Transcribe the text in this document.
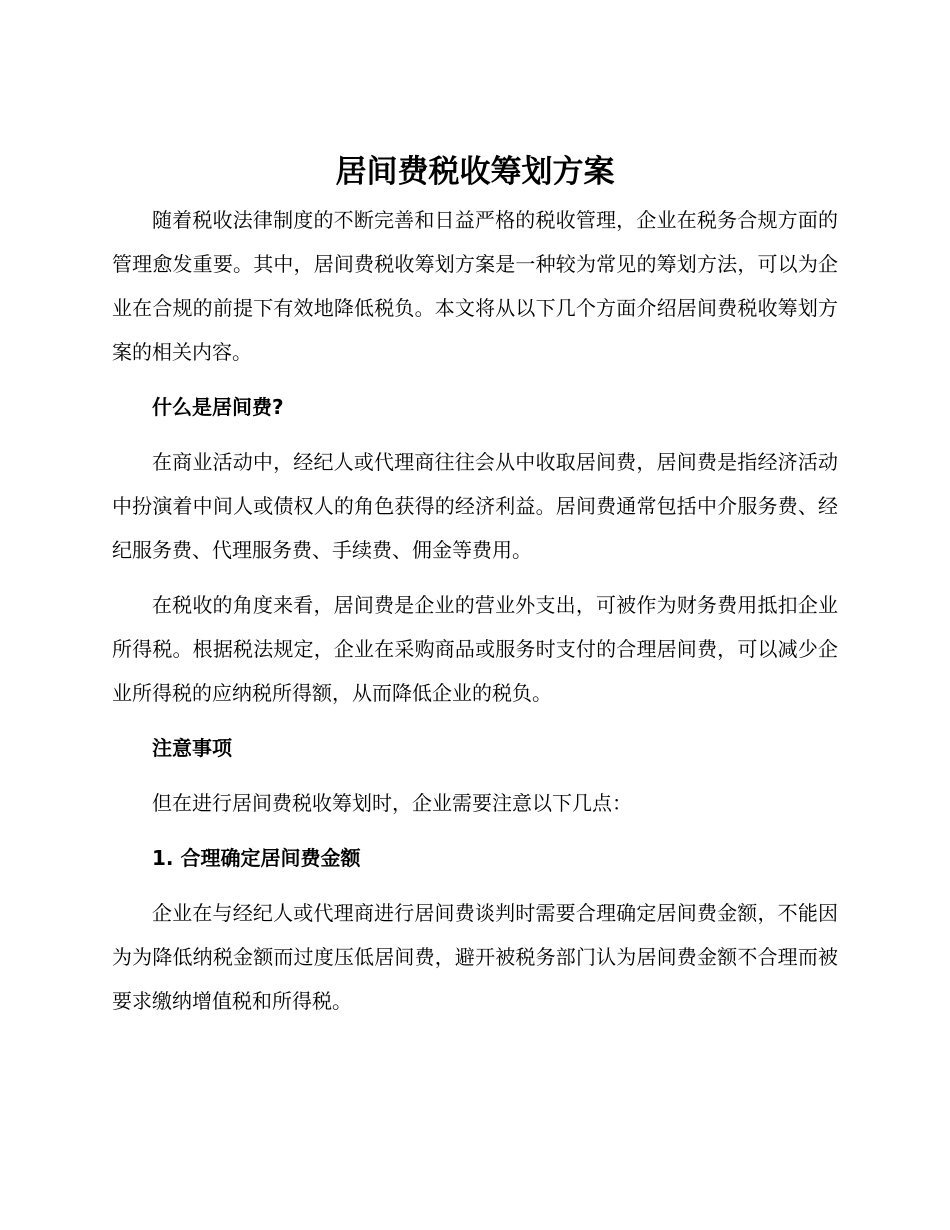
居间费税收筹划方案

随着税收法律制度的不断完善和日益严格的税收管理，企业在税务合规方面的管理愈发重要。其中，居间费税收筹划方案是一种较为常见的筹划方法，可以为企业在合规的前提下有效地降低税负。本文将从以下几个方面介绍居间费税收筹划方案的相关内容。

什么是居间费?

在商业活动中，经纪人或代理商往往会从中收取居间费，居间费是指经济活动中扮演着中间人或债权人的角色获得的经济利益。居间费通常包括中介服务费、经纪服务费、代理服务费、手续费、佣金等费用。

在税收的角度来看，居间费是企业的营业外支出，可被作为财务费用抵扣企业所得税。根据税法规定，企业在采购商品或服务时支付的合理居间费，可以减少企业所得税的应纳税所得额，从而降低企业的税负。

注意事项

但在进行居间费税收筹划时，企业需要注意以下几点：

1. 合理确定居间费金额

企业在与经纪人或代理商进行居间费谈判时需要合理确定居间费金额，不能因为为降低纳税金额而过度压低居间费，避开被税务部门认为居间费金额不合理而被要求缴纳增值税和所得税。
